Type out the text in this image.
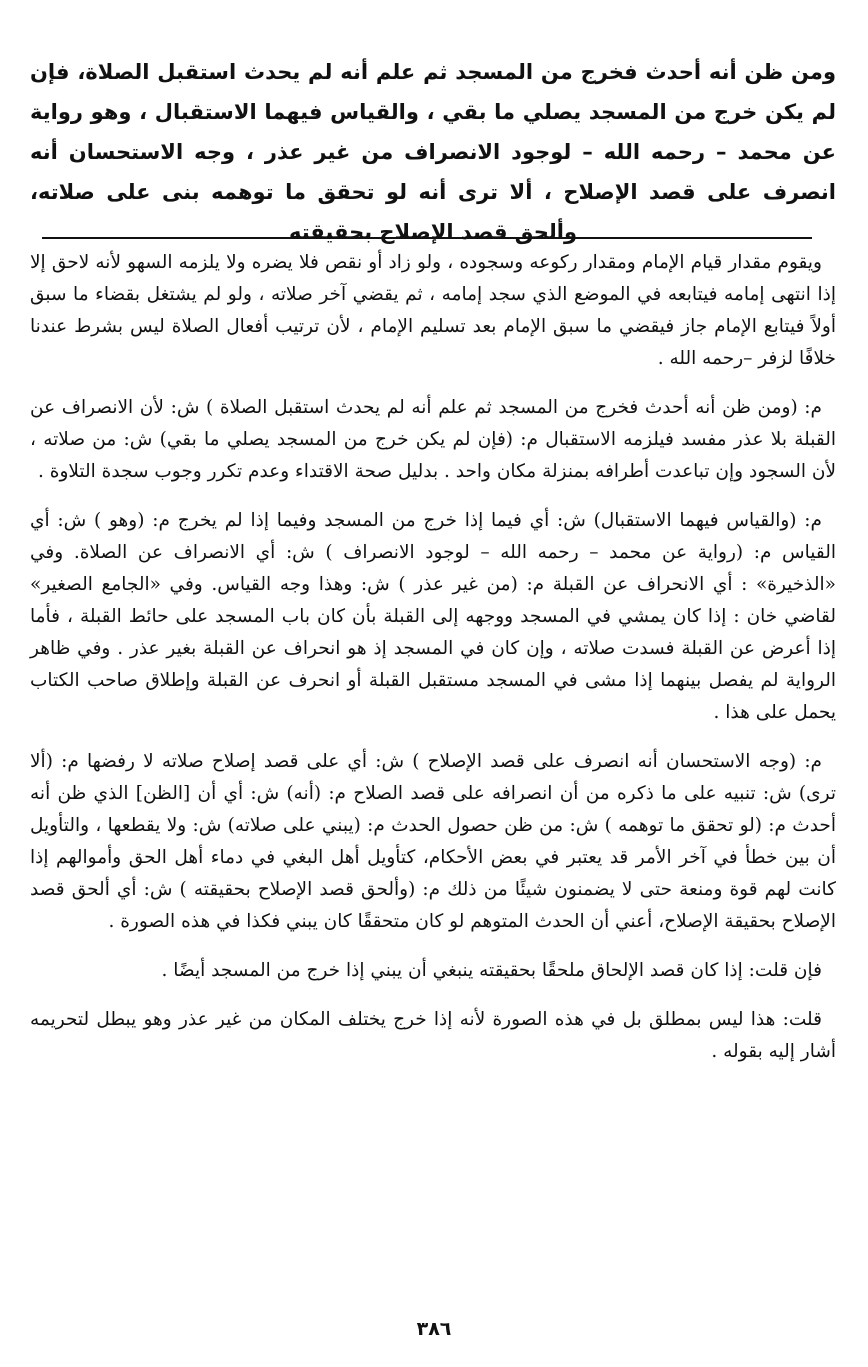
ومن ظن أنه أحدث فخرج من المسجد ثم علم أنه لم يحدث استقبل الصلاة، فإن لم يكن خرج من المسجد يصلي ما بقي ، والقياس فيهما الاستقبال ، وهو رواية عن محمد – رحمه الله – لوجود الانصراف من غير عذر ، وجه الاستحسان أنه انصرف على قصد الإصلاح ، ألا ترى أنه لو تحقق ما توهمه بنى على صلاته، وألحق قصد الإصلاح بحقيقته

ويقوم مقدار قيام الإمام ومقدار ركوعه وسجوده ، ولو زاد أو نقص فلا يضره ولا يلزمه السهو لأنه لاحق إلا إذا انتهى إمامه فيتابعه في الموضع الذي سجد إمامه ، ثم يقضي آخر صلاته ، ولو لم يشتغل بقضاء ما سبق أولاً فيتابع الإمام جاز فيقضي ما سبق الإمام بعد تسليم الإمام ، لأن ترتيب أفعال الصلاة ليس بشرط عندنا خلافًا لزفر –رحمه الله .

م: (ومن ظن أنه أحدث فخرج من المسجد ثم علم أنه لم يحدث استقبل الصلاة ) ش: لأن الانصراف عن القبلة بلا عذر مفسد فيلزمه الاستقبال م: (فإن لم يكن خرج من المسجد يصلي ما بقي) ش: من صلاته ، لأن السجود وإن تباعدت أطرافه بمنزلة مكان واحد . بدليل صحة الاقتداء وعدم تكرر وجوب سجدة التلاوة .

م: (والقياس فيهما الاستقبال) ش: أي فيما إذا خرج من المسجد وفيما إذا لم يخرج م: (وهو ) ش: أي القياس م: (رواية عن محمد – رحمه الله – لوجود الانصراف ) ش: أي الانصراف عن الصلاة. وفي «الذخيرة» : أي الانحراف عن القبلة م: (من غير عذر ) ش: وهذا وجه القياس. وفي «الجامع الصغير» لقاضي خان : إذا كان يمشي في المسجد ووجهه إلى القبلة بأن كان باب المسجد على حائط القبلة ، فأما إذا أعرض عن القبلة فسدت صلاته ، وإن كان في المسجد إذ هو انحراف عن القبلة بغير عذر . وفي ظاهر الرواية لم يفصل بينهما إذا مشى في المسجد مستقبل القبلة أو انحرف عن القبلة وإطلاق صاحب الكتاب يحمل على هذا .

م: (وجه الاستحسان أنه انصرف على قصد الإصلاح ) ش: أي على قصد إصلاح صلاته لا رفضها م: (ألا ترى) ش: تنبيه على ما ذكره من أن انصرافه على قصد الصلاح م: (أنه) ش: أي أن [الظن] الذي ظن أنه أحدث م: (لو تحقق ما توهمه ) ش: من ظن حصول الحدث م: (يبني على صلاته) ش: ولا يقطعها ، والتأويل أن بين خطأ في آخر الأمر قد يعتبر في بعض الأحكام، كتأويل أهل البغي في دماء أهل الحق وأموالهم إذا كانت لهم قوة ومنعة حتى لا يضمنون شيئًا من ذلك م: (وألحق قصد الإصلاح بحقيقته ) ش: أي ألحق قصد الإصلاح بحقيقة الإصلاح، أعني أن الحدث المتوهم لو كان متحققًا كان يبني فكذا في هذه الصورة .

فإن قلت: إذا كان قصد الإلحاق ملحقًا بحقيقته ينبغي أن يبني إذا خرج من المسجد أيضًا .

قلت: هذا ليس بمطلق بل في هذه الصورة لأنه إذا خرج يختلف المكان من غير عذر وهو يبطل لتحريمه أشار إليه بقوله .

٣٨٦
